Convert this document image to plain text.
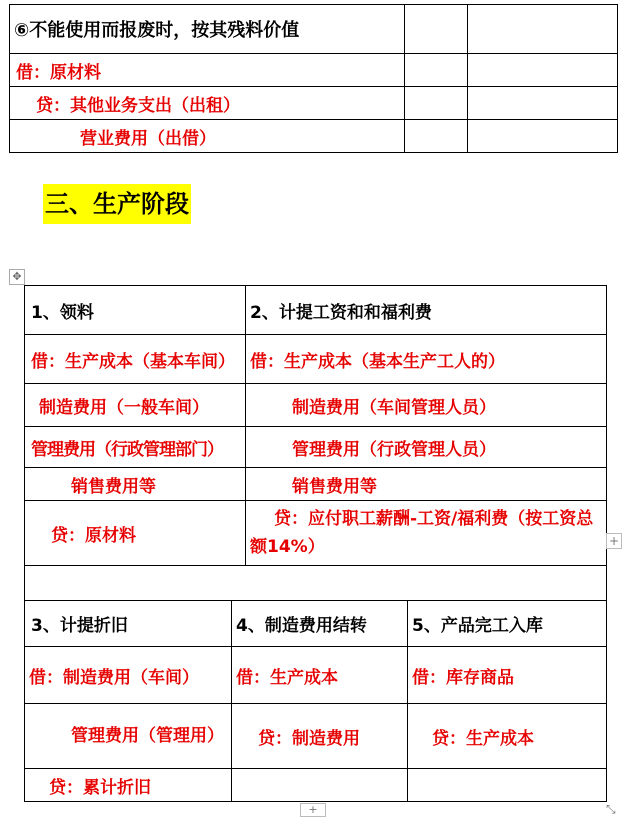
⑥不能使用而报废时，按其残料价值		
借：原材料		
贷：其他业务支出（出租）		
营业费用（出借）		
三、生产阶段
✥
1、领料	2、计提工资和和福利费
借：生产成本（基本车间）	借：生产成本（基本生产工人的）
制造费用（一般车间）	制造费用（车间管理人员）
管理费用（行政管理部门）	管理费用（行政管理人员）
销售费用等	销售费用等
贷：原材料	贷：应付职工薪酬-工资/福利费（按工资总额14%）

3、计提折旧	4、制造费用结转	5、产品完工入库
借：制造费用（车间）	借：生产成本	借：库存商品
管理费用（管理用）	贷：制造费用	贷：生产成本
贷：累计折旧		
+
+	⤡
